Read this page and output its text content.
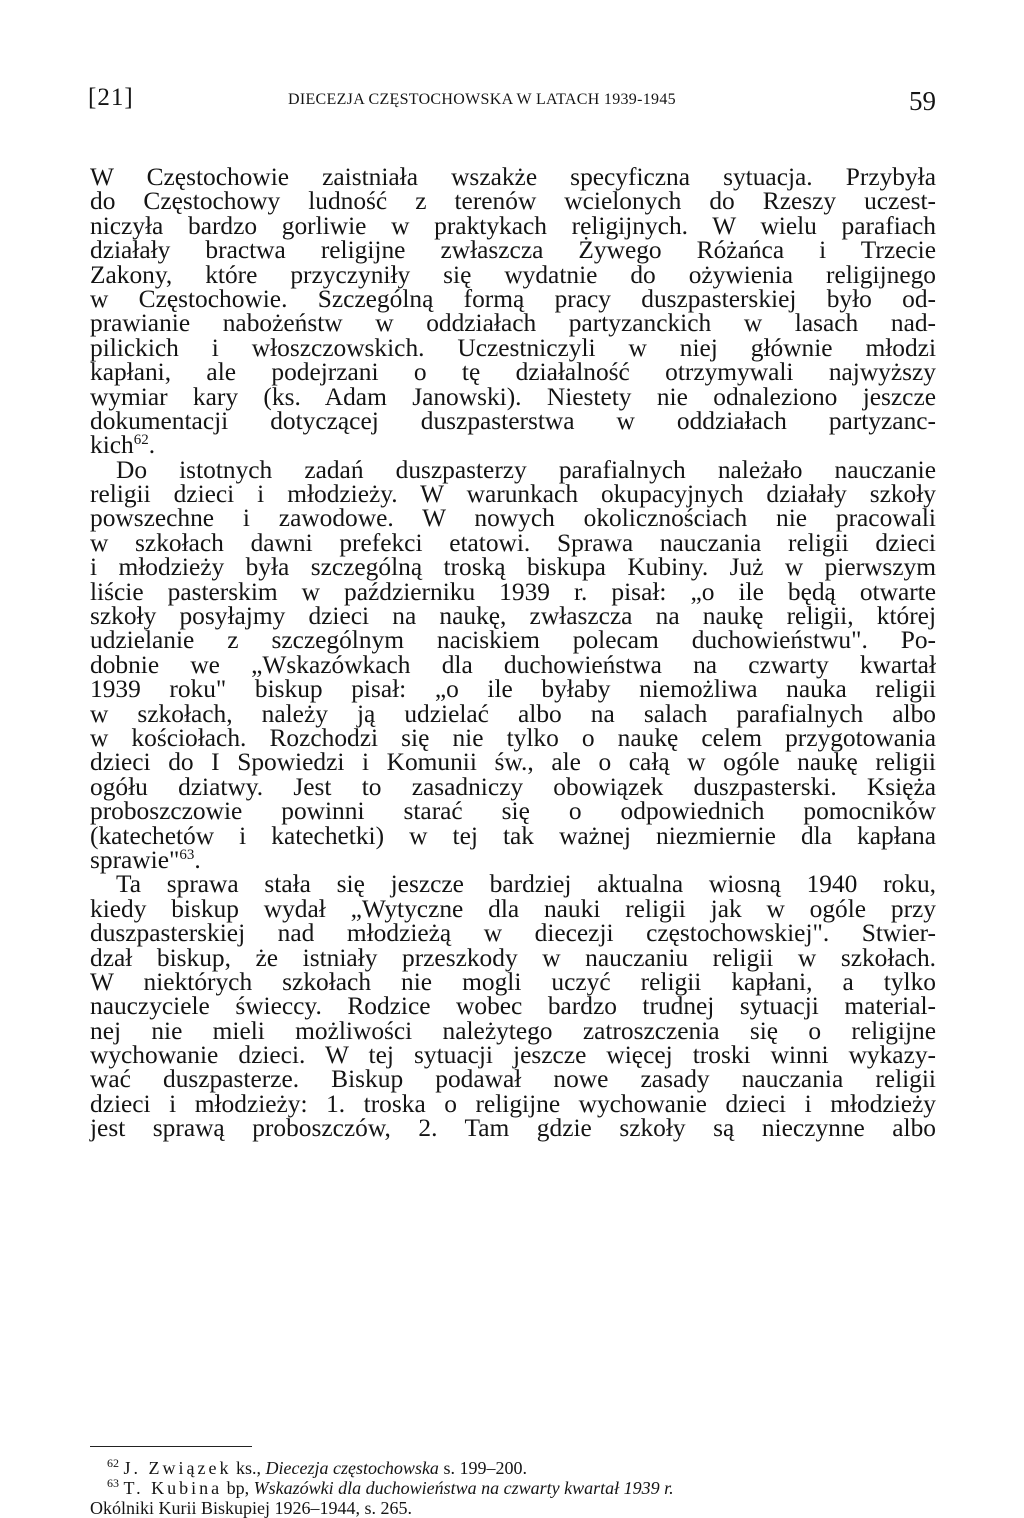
[21]	DIECEZJA CZĘSTOCHOWSKA W LATACH 1939-1945	59
W Częstochowie zaistniała wszakże specyficzna sytuacja. Przybyła
do Częstochowy ludność z terenów wcielonych do Rzeszy uczest-
niczyła bardzo gorliwie w praktykach religijnych. W wielu parafiach
działały bractwa religijne zwłaszcza Żywego Różańca i Trzecie
Zakony, które przyczyniły się wydatnie do ożywienia religijnego
w Częstochowie. Szczególną formą pracy duszpasterskiej było od-
prawianie nabożeństw w oddziałach partyzanckich w lasach nad-
pilickich i włoszczowskich. Uczestniczyli w niej głównie młodzi
kapłani, ale podejrzani o tę działalność otrzymywali najwyższy
wymiar kary (ks. Adam Janowski). Niestety nie odnaleziono jeszcze
dokumentacji dotyczącej duszpasterstwa w oddziałach partyzanc-
kich$^{62}$.
Do istotnych zadań duszpasterzy parafialnych należało nauczanie
religii dzieci i młodzieży. W warunkach okupacyjnych działały szkoły
powszechne i zawodowe. W nowych okolicznościach nie pracowali
w szkołach dawni prefekci etatowi. Sprawa nauczania religii dzieci
i młodzieży była szczególną troską biskupa Kubiny. Już w pierwszym
liście pasterskim w październiku 1939 r. pisał: „o ile będą otwarte
szkoły posyłajmy dzieci na naukę, zwłaszcza na naukę religii, której
udzielanie z szczególnym naciskiem polecam duchowieństwu". Po-
dobnie we „Wskazówkach dla duchowieństwa na czwarty kwartał
1939 roku" biskup pisał: „o ile byłaby niemożliwa nauka religii
w szkołach, należy ją udzielać albo na salach parafialnych albo
w kościołach. Rozchodzi się nie tylko o naukę celem przygotowania
dzieci do I Spowiedzi i Komunii św., ale o całą w ogóle naukę religii
ogółu dziatwy. Jest to zasadniczy obowiązek duszpasterski. Księża
proboszczowie powinni starać się o odpowiednich pomocników
(katechetów i katechetki) w tej tak ważnej niezmiernie dla kapłana
sprawie"$^{63}$.
Ta sprawa stała się jeszcze bardziej aktualna wiosną 1940 roku,
kiedy biskup wydał „Wytyczne dla nauki religii jak w ogóle przy
duszpasterskiej nad młodzieżą w diecezji częstochowskiej". Stwier-
dzał biskup, że istniały przeszkody w nauczaniu religii w szkołach.
W niektórych szkołach nie mogli uczyć religii kapłani, a tylko
nauczyciele świeccy. Rodzice wobec bardzo trudnej sytuacji material-
nej nie mieli możliwości należytego zatroszczenia się o religijne
wychowanie dzieci. W tej sytuacji jeszcze więcej troski winni wykazy-
wać duszpasterze. Biskup podawał nowe zasady nauczania religii
dzieci i młodzieży: 1. troska o religijne wychowanie dzieci i młodzieży
jest sprawą proboszczów, 2. Tam gdzie szkoły są nieczynne albo
$^{62}$ J. Związek ks., Diecezja częstochowska s. 199–200.
$^{63}$ T. Kubina bp, Wskazówki dla duchowieństwa na czwarty kwartał 1939 r.
Okólniki Kurii Biskupiej 1926–1944, s. 265.
